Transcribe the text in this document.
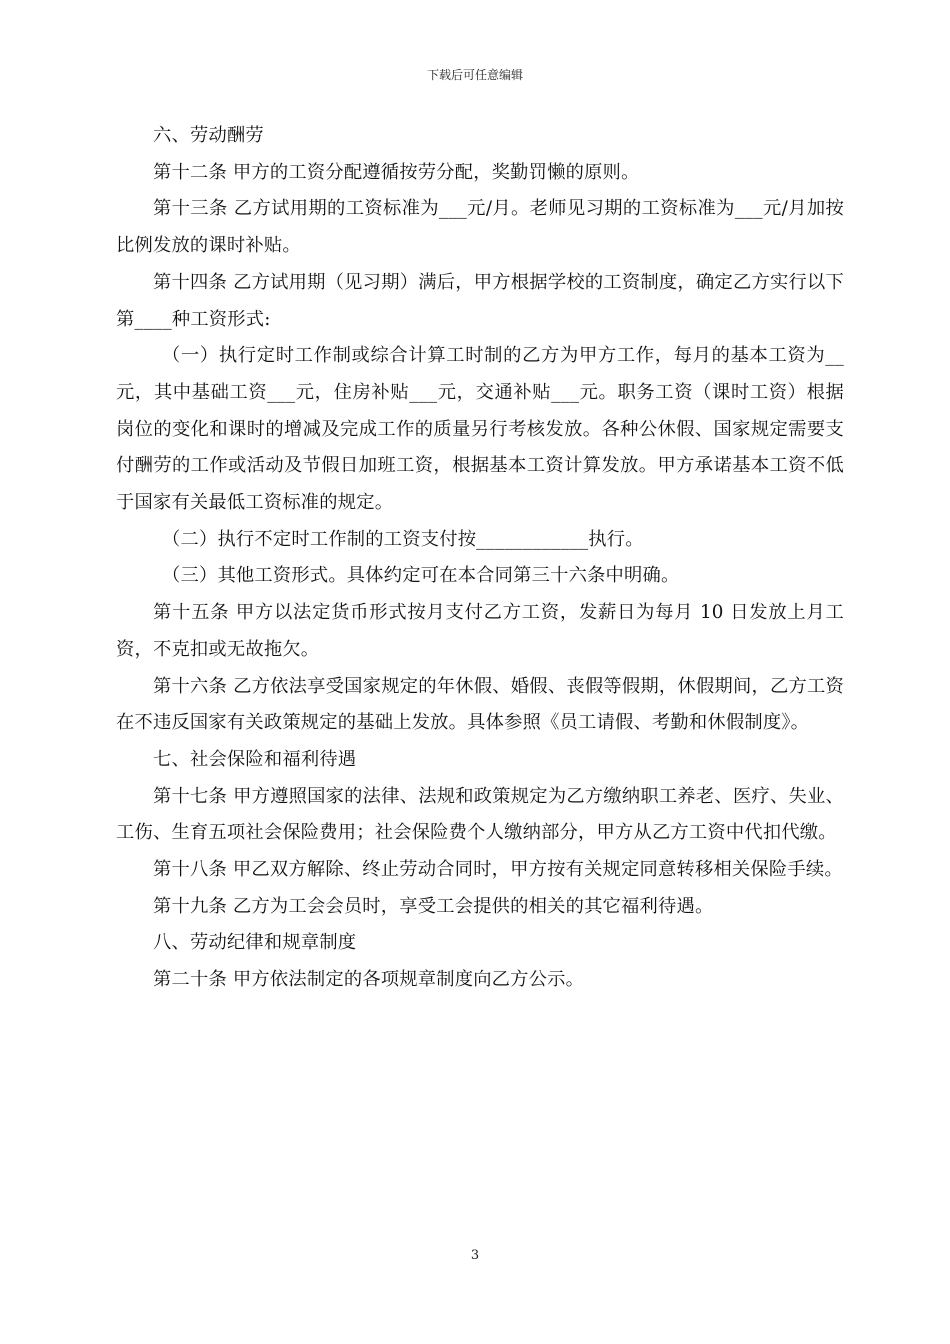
下载后可任意编辑

六、劳动酬劳

第十二条 甲方的工资分配遵循按劳分配，奖勤罚懒的原则。

第十三条 乙方试用期的工资标准为___元/月。老师见习期的工资标准为___元/月加按比例发放的课时补贴。

第十四条 乙方试用期（见习期）满后，甲方根据学校的工资制度，确定乙方实行以下第____种工资形式:

（一）执行定时工作制或综合计算工时制的乙方为甲方工作，每月的基本工资为__元，其中基础工资___元，住房补贴___元，交通补贴___元。职务工资（课时工资）根据岗位的变化和课时的增减及完成工作的质量另行考核发放。各种公休假、国家规定需要支付酬劳的工作或活动及节假日加班工资，根据基本工资计算发放。甲方承诺基本工资不低于国家有关最低工资标准的规定。

（二）执行不定时工作制的工资支付按____________执行。

（三）其他工资形式。具体约定可在本合同第三十六条中明确。

第十五条 甲方以法定货币形式按月支付乙方工资，发薪日为每月 10 日发放上月工资，不克扣或无故拖欠。

第十六条 乙方依法享受国家规定的年休假、婚假、丧假等假期，休假期间，乙方工资在不违反国家有关政策规定的基础上发放。具体参照《员工请假、考勤和休假制度》。

七、社会保险和福利待遇

第十七条 甲方遵照国家的法律、法规和政策规定为乙方缴纳职工养老、医疗、失业、工伤、生育五项社会保险费用；社会保险费个人缴纳部分，甲方从乙方工资中代扣代缴。

第十八条 甲乙双方解除、终止劳动合同时，甲方按有关规定同意转移相关保险手续。

第十九条 乙方为工会会员时，享受工会提供的相关的其它福利待遇。

八、劳动纪律和规章制度

第二十条 甲方依法制定的各项规章制度向乙方公示。

3
